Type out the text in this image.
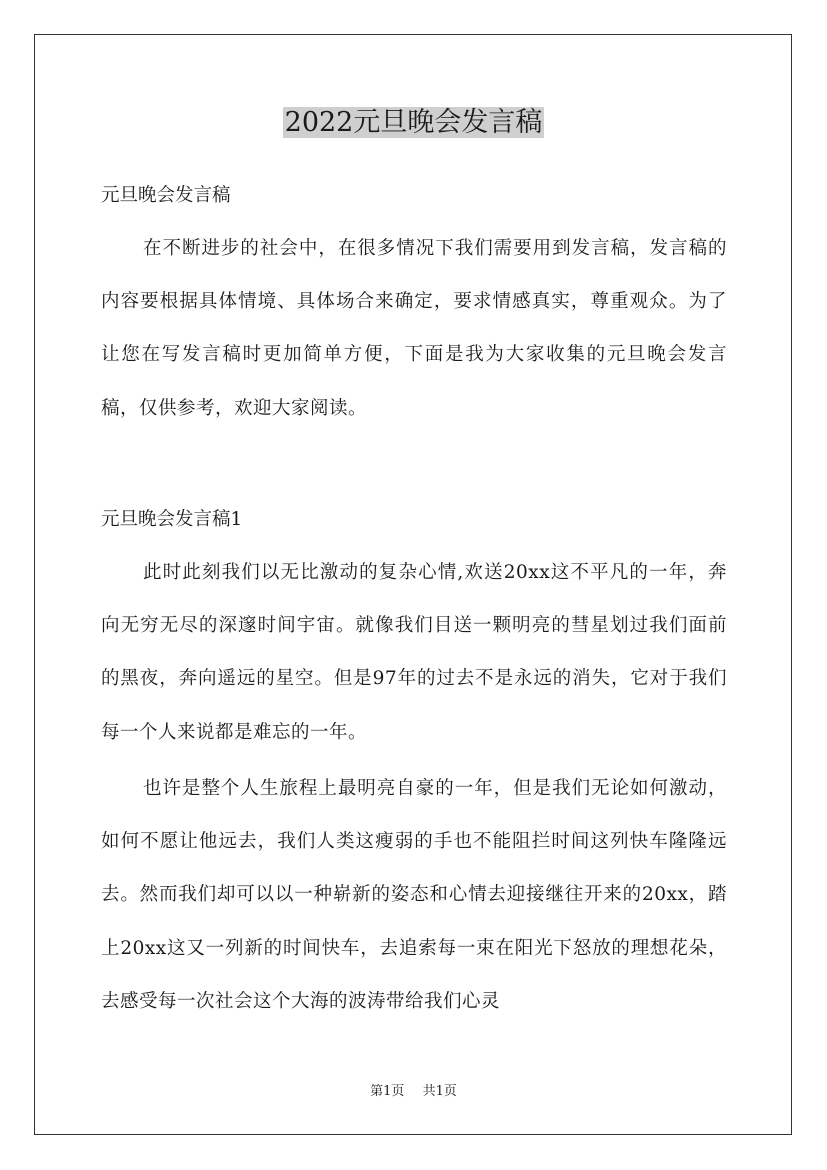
2022元旦晚会发言稿

元旦晚会发言稿

在不断进步的社会中，在很多情况下我们需要用到发言稿，发言稿的内容要根据具体情境、具体场合来确定，要求情感真实，尊重观众。为了让您在写发言稿时更加简单方便，下面是我为大家收集的元旦晚会发言稿，仅供参考，欢迎大家阅读。

元旦晚会发言稿1

此时此刻我们以无比激动的复杂心情,欢送20xx这不平凡的一年，奔向无穷无尽的深邃时间宇宙。就像我们目送一颗明亮的彗星划过我们面前的黑夜，奔向遥远的星空。但是97年的过去不是永远的消失，它对于我们每一个人来说都是难忘的一年。

也许是整个人生旅程上最明亮自豪的一年，但是我们无论如何激动，如何不愿让他远去，我们人类这瘦弱的手也不能阻拦时间这列快车隆隆远去。然而我们却可以以一种崭新的姿态和心情去迎接继往开来的20xx，踏上20xx这又一列新的时间快车，去追索每一束在阳光下怒放的理想花朵，去感受每一次社会这个大海的波涛带给我们心灵

第1页 共1页
